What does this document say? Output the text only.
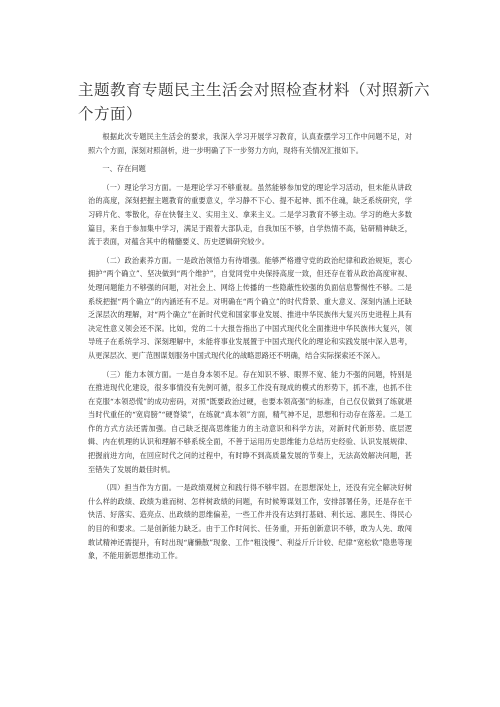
主题教育专题民主生活会对照检查材料（对照新六个方面）

根据此次专题民主生活会的要求，我深入学习开展学习教育，认真查摆学习工作中问题不足，对照六个方面，深刻对照剖析，进一步明确了下一步努力方向，现将有关情况汇报如下。

一、存在问题

（一）理论学习方面。一是理论学习不够重视。虽然能够参加党的理论学习活动，但未能从讲政治的高度，深刻把握主题教育的重要意义，学习静不下心、提不起神、抓不住魂，缺乏系统研究，学习碎片化、零散化，存在快餐主义、实用主义、拿来主义。二是学习教育不够主动。学习的绝大多数篇目，来自于参加集中学习，满足于跟着大部队走，自我加压不够，自学热情不高，钻研精神缺乏，流于表面，对蕴含其中的精髓要义、历史逻辑研究较少。

（二）政治素养方面。一是政治领悟力有待增强。能够严格遵守党的政治纪律和政治规矩，衷心拥护“两个确立”、坚决做到“两个维护”，自觉同党中央保持高度一致，但还存在着从政治高度审视、处理问题能力不够强的问题，对社会上、网络上传播的一些隐蔽性较强的负面信息警惕性不够。二是系统把握“两个确立”的内涵还有不足。对明确在“两个确立”的时代背景、重大意义、深刻内涵上还缺乏深层次的理解，对“两个确立”在新时代党和国家事业发展、推进中华民族伟大复兴历史进程上具有决定性意义领会还不深。比如，党的二十大报告指出了中国式现代化全面推进中华民族伟大复兴，领导班子在系统学习、深刻理解中，未能将事业发展置于中国式现代化的理论和实践发展中深入思考，从更深层次、更广范围谋划服务中国式现代化的战略思路还不明确，结合实际探索还不深入。

（三）能力本领方面。一是自身本领不足。存在知识不够、眼界不宽、能力不强的问题，特别是在推进现代化建设，很多事情没有先例可循，很多工作没有现成的模式的形势下，抓不准，也抓不住在克服“本领恐慌”的成功密码，对照“既要政治过硬，也要本领高强”的标准，自己仅仅做到了练就堪当时代重任的“宽肩膀”“硬脊梁”，在练就“真本领”方面，精气神不足，思想和行动存在落差。二是工作的方式方法还需加强。自己缺乏提高思维能力的主动意识和科学方法，对新时代新形势、底层逻辑、内在机理的认识和理解不够系统全面，不善于运用历史思维能力总结历史经验、认识发展规律、把握前进方向，在回应时代之问的过程中，有时睁不到高质量发展的节奏上，无法高效解决问题，甚至错失了发展的最佳时机。

（四）担当作为方面。一是政绩观树立和践行得不够牢固。在思想深处上，还没有完全解决好树什么样的政绩、政绩为谁而树、怎样树政绩的问题，有时候筹谋划工作，安排部署任务，还是存在干快活、好落实、造亮点、出政绩的思维偏差，一些工作并没有达到打基础、利长远、惠民生、得民心的目的和要求。二是创新能力缺乏。由于工作时间长、任务重，开拓创新意识不够，敢为人先、敢闯敢试精神还需提升，有时出现“庸懒散”现象、工作“粗浅慢”、利益斤斤计较、纪律“宽松软”隐患等现象，不能用新思想推动工作。
